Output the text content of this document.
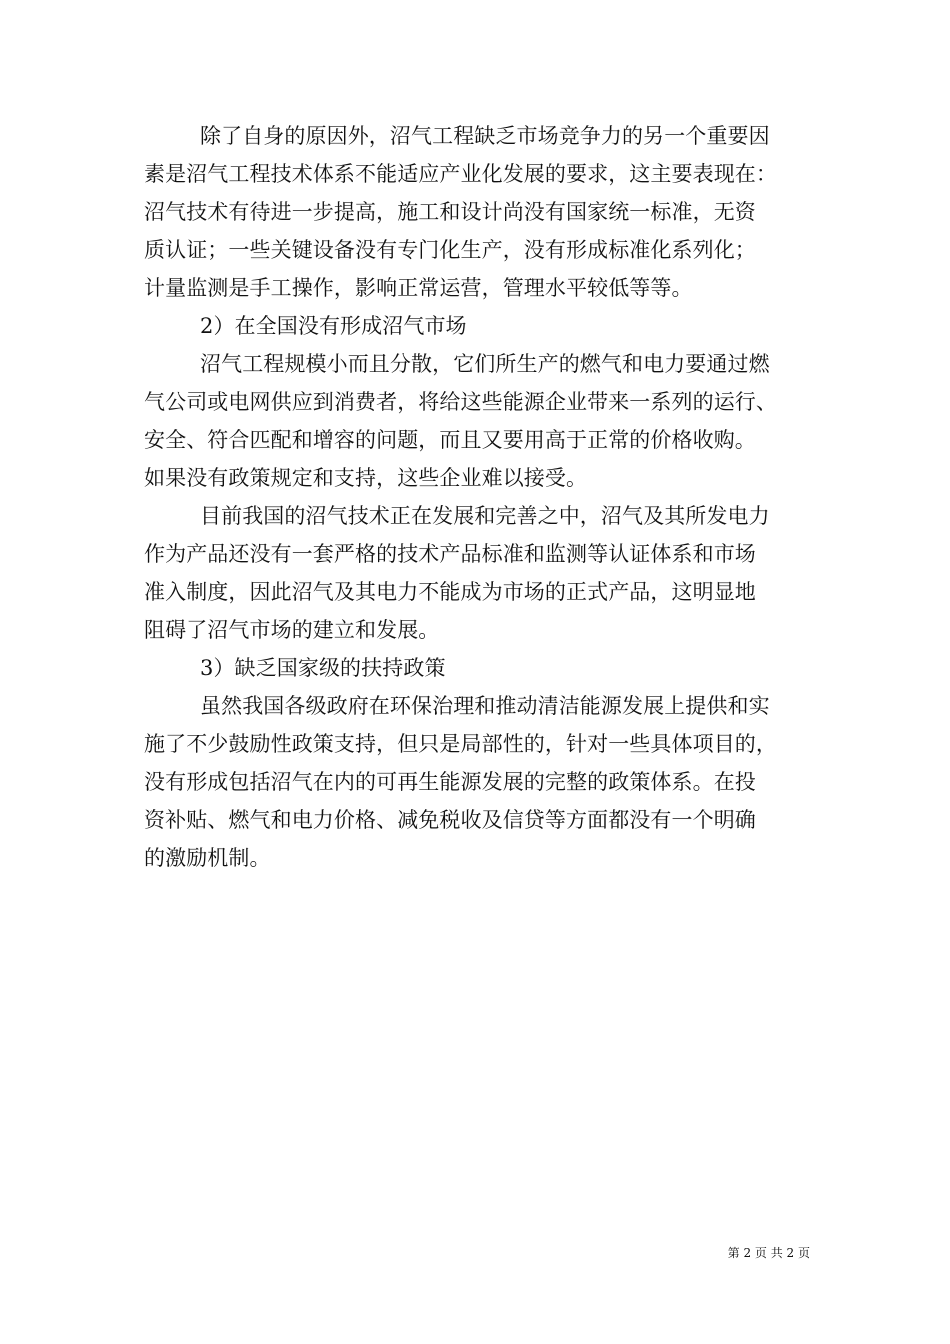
除了自身的原因外，沼气工程缺乏市场竞争力的另一个重要因
素是沼气工程技术体系不能适应产业化发展的要求，这主要表现在：
沼气技术有待进一步提高，施工和设计尚没有国家统一标准，无资
质认证；一些关键设备没有专门化生产，没有形成标准化系列化；
计量监测是手工操作，影响正常运营，管理水平较低等等。
2）在全国没有形成沼气市场
沼气工程规模小而且分散，它们所生产的燃气和电力要通过燃
气公司或电网供应到消费者，将给这些能源企业带来一系列的运行、
安全、符合匹配和增容的问题，而且又要用高于正常的价格收购。
如果没有政策规定和支持，这些企业难以接受。
目前我国的沼气技术正在发展和完善之中，沼气及其所发电力
作为产品还没有一套严格的技术产品标准和监测等认证体系和市场
准入制度，因此沼气及其电力不能成为市场的正式产品，这明显地
阻碍了沼气市场的建立和发展。
3）缺乏国家级的扶持政策
虽然我国各级政府在环保治理和推动清洁能源发展上提供和实
施了不少鼓励性政策支持，但只是局部性的，针对一些具体项目的，
没有形成包括沼气在内的可再生能源发展的完整的政策体系。在投
资补贴、燃气和电力价格、减免税收及信贷等方面都没有一个明确
的激励机制。
第 2 页 共 2 页
